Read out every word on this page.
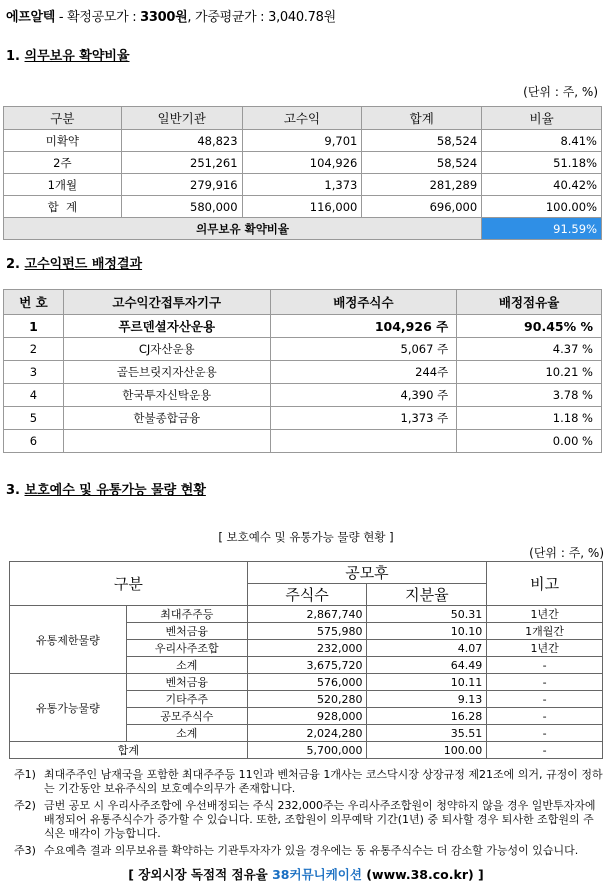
에프알텍 - 확정공모가 : 3300원, 가중평균가 : 3,040.78원
1. 의무보유 확약비율
(단위 : 주, %)
구분	일반기관	고수익	합계	비율
미확약	48,823	9,701	58,524	8.41%
2주	251,261	104,926	58,524	51.18%
1개월	279,916	1,373	281,289	40.42%
합  계	580,000	116,000	696,000	100.00%
의무보유 확약비율				91.59%
2. 고수익펀드 배정결과
번 호	고수익간접투자기구	배정주식수	배정점유율
1	푸르덴셜자산운용	104,926 주	90.45% %
2	CJ자산운용	5,067 주	4.37 %
3	골든브릿지자산운용	244주	10.21 %
4	한국투자신탁운용	4,390 주	3.78 %
5	한불종합금융	1,373 주	1.18 %
6			0.00 %
3. 보호예수 및 유통가능 물량 현황
[ 보호예수 및 유통가능 물량 현황 ]
(단위 : 주, %)
구분		공모후		비고
		주식수	지분율	
유통제한물량	최대주주등	2,867,740	50.31	1년간
	벤처금융	575,980	10.10	1개월간
	우리사주조합	232,000	4.07	1년간
	소계	3,675,720	64.49	-
유통가능물량	벤처금융	576,000	10.11	-
	기타주주	520,280	9.13	-
	공모주식수	928,000	16.28	-
	소계	2,024,280	35.51	-
합계		5,700,000	100.00	-
주1) 최대주주인 남재국을 포함한 최대주주등 11인과 벤처금융 1개사는 코스닥시장 상장규정 제21조에 의거, 규정이 정하는 기간동안 보유주식의 보호예수의무가 존재합니다.
주2) 금번 공모 시 우리사주조합에 우선배정되는 주식 232,000주는 우리사주조합원이 청약하지 않을 경우 일반투자자에 배정되어 유통주식수가 증가할 수 있습니다. 또한, 조합원이 의무예탁 기간(1년) 중 퇴사할 경우 퇴사한 조합원의 주식은 매각이 가능합니다.
주3) 수요예측 결과 의무보유를 확약하는 기관투자자가 있을 경우에는 동 유통주식수는 더 감소할 가능성이 있습니다.
[ 장외시장 독점적 점유율 38커뮤니케이션 (www.38.co.kr) ]
